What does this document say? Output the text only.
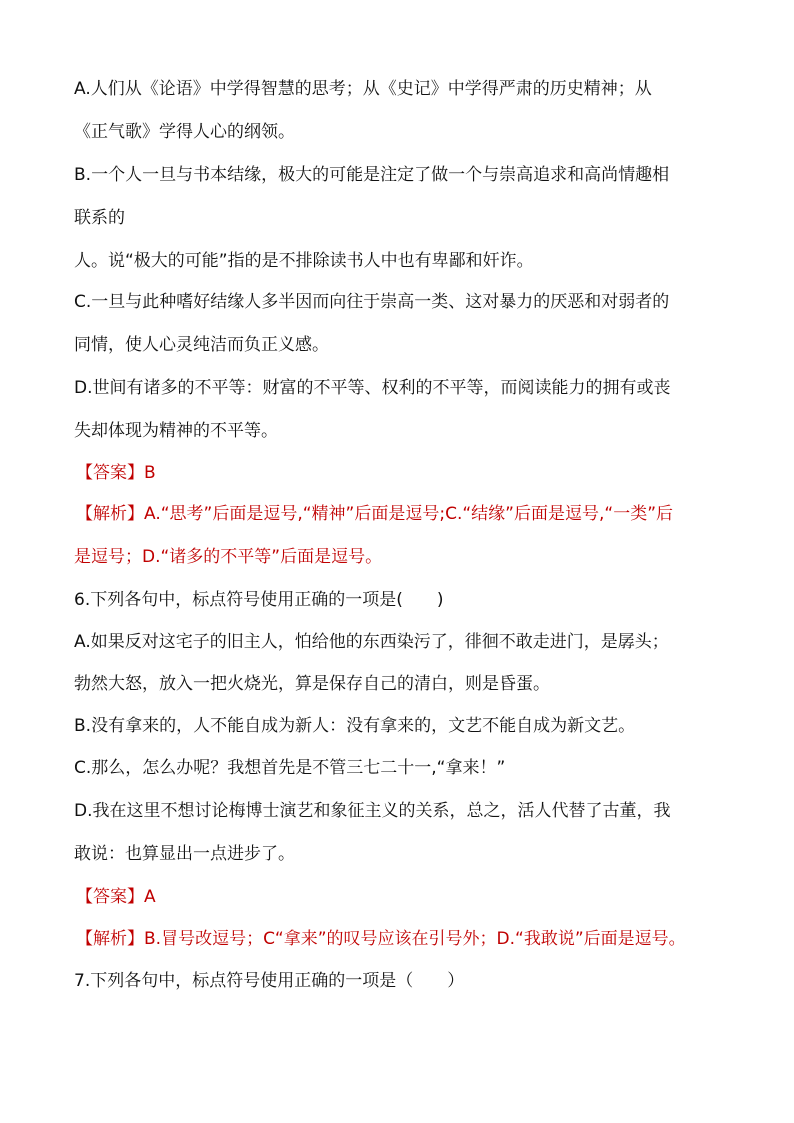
A.人们从《论语》中学得智慧的思考；从《史记》中学得严肃的历史精神；从
《正气歌》学得人心的纲领。
B.一个人一旦与书本结缘，极大的可能是注定了做一个与崇高追求和高尚情趣相
联系的
人。说“极大的可能”指的是不排除读书人中也有卑鄙和奸诈。
C.一旦与此种嗜好结缘人多半因而向往于崇高一类、这对暴力的厌恶和对弱者的
同情，使人心灵纯洁而负正义感。
D.世间有诸多的不平等：财富的不平等、权利的不平等，而阅读能力的拥有或丧
失却体现为精神的不平等。
【答案】B
【解析】A.“思考”后面是逗号,“精神”后面是逗号;C.“结缘”后面是逗号,“一类”后
是逗号；D.“诸多的不平等”后面是逗号。
6.下列各句中，标点符号使用正确的一项是(　　)
A.如果反对这宅子的旧主人，怕给他的东西染污了，徘徊不敢走进门，是孱头；
勃然大怒，放入一把火烧光，算是保存自己的清白，则是昏蛋。
B.没有拿来的，人不能自成为新人：没有拿来的，文艺不能自成为新文艺。
C.那么，怎么办呢？我想首先是不管三七二十一,“拿来！”
D.我在这里不想讨论梅博士演艺和象征主义的关系，总之，活人代替了古董，我
敢说：也算显出一点进步了。
【答案】A
【解析】B.冒号改逗号；C“拿来”的叹号应该在引号外；D.“我敢说”后面是逗号。
7.下列各句中，标点符号使用正确的一项是（　　）
